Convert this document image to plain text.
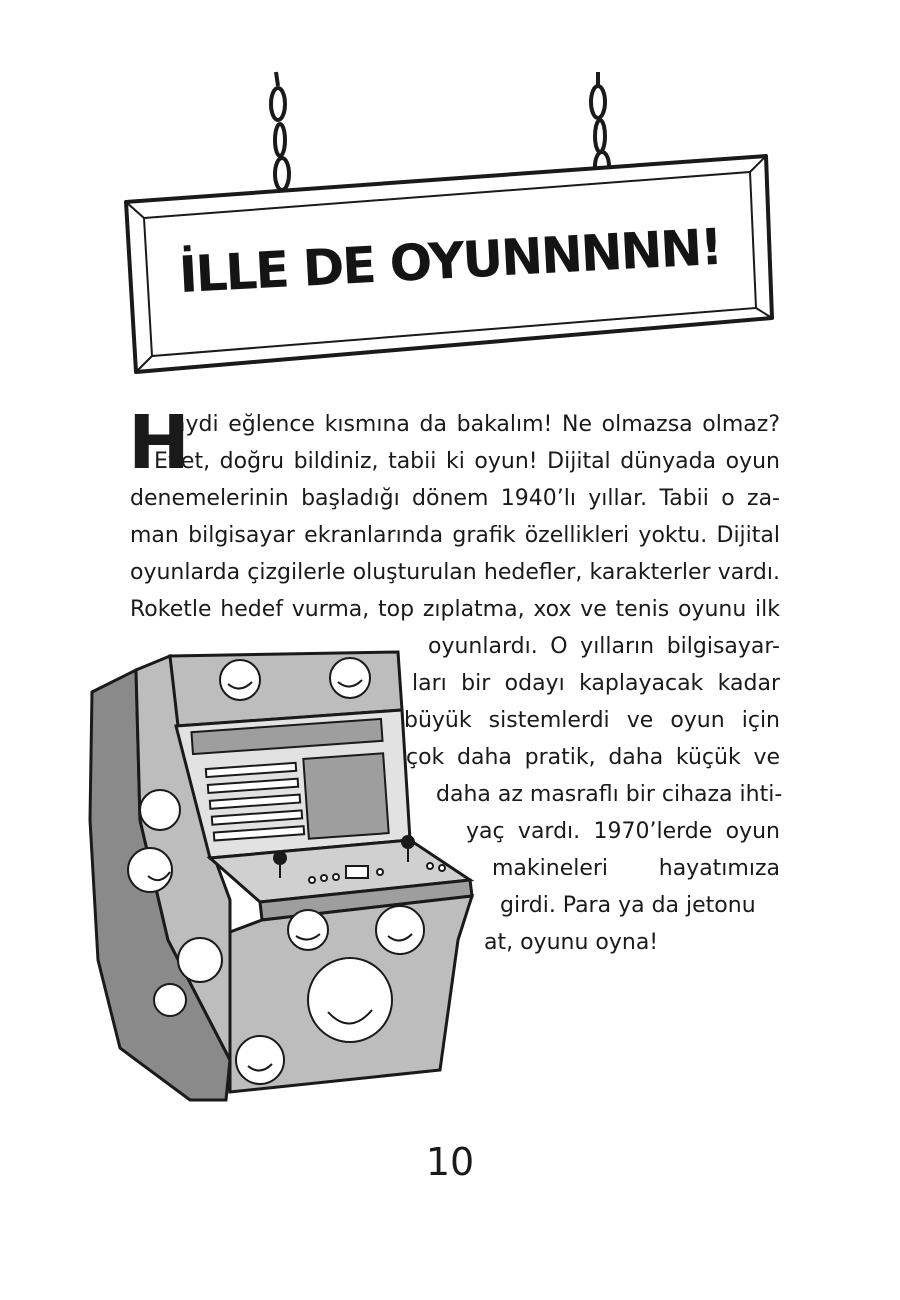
İLLE DE OYUNNNNN!
H
aydi eğlence kısmına da bakalım! Ne olmazsa olmaz?
Evet, doğru bildiniz, tabii ki oyun! Dijital dünyada oyun
denemelerinin başladığı dönem 1940’lı yıllar. Tabii o za-
man bilgisayar ekranlarında grafik özellikleri yoktu. Dijital
oyunlarda çizgilerle oluşturulan hedefler, karakterler vardı.
Roketle hedef vurma, top zıplatma, xox ve tenis oyunu ilk
oyunlardı. O yılların bilgisayar-
ları bir odayı kaplayacak kadar
büyük sistemlerdi ve oyun için
çok daha pratik, daha küçük ve
daha az masraflı bir cihaza ihti-
yaç vardı. 1970’lerde oyun
makineleri hayatımıza
girdi. Para ya da jetonu
at, oyunu oyna!
10
